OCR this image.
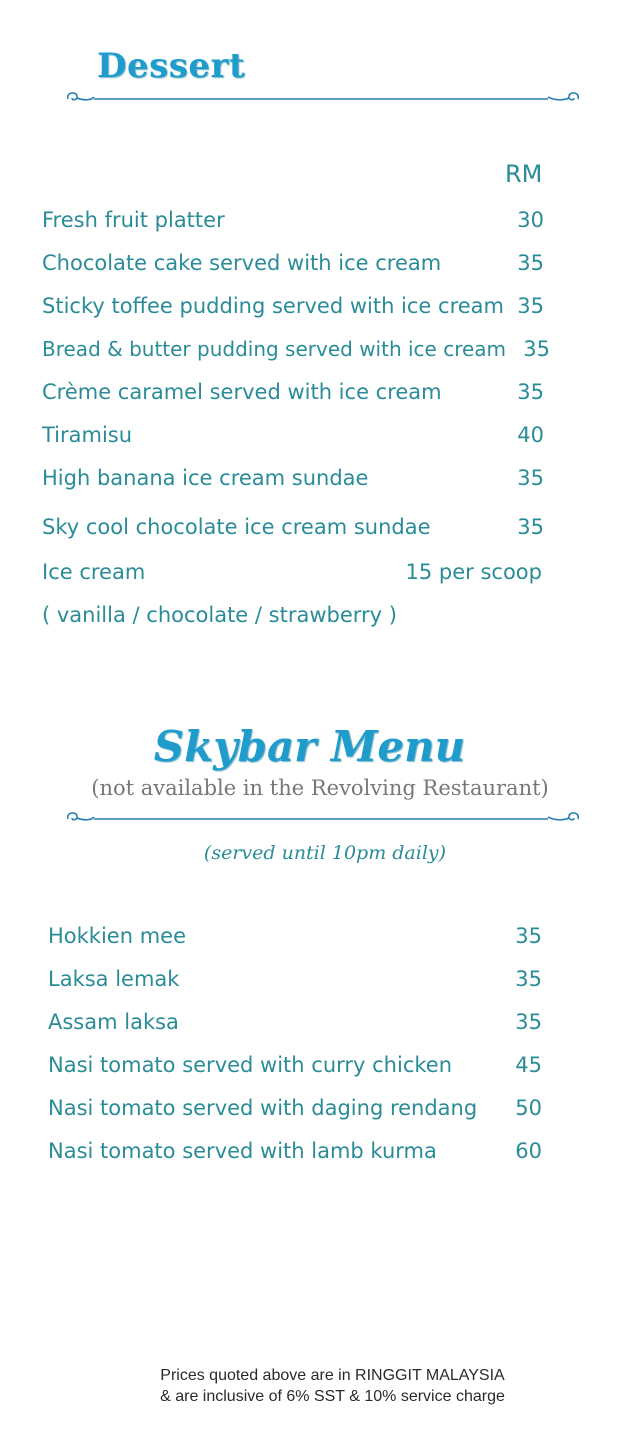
Dessert
RM
Fresh fruit platter	30
Chocolate cake served with ice cream	35
Sticky toffee pudding served with ice cream 35
Bread & butter pudding served with ice cream 35
Crème caramel served with ice cream	35
Tiramisu	40
High banana ice cream sundae	35
Sky cool chocolate ice cream sundae	35
Ice cream	15 per scoop
( vanilla / chocolate / strawberry )
Skybar Menu
(not available in the Revolving Restaurant)
(served until 10pm daily)
Hokkien mee	35
Laksa lemak	35
Assam laksa	35
Nasi tomato served with curry chicken	45
Nasi tomato served with daging rendang 50
Nasi tomato served with lamb kurma	60
Prices quoted above are in RINGGIT MALAYSIA
& are inclusive of 6% SST & 10% service charge
